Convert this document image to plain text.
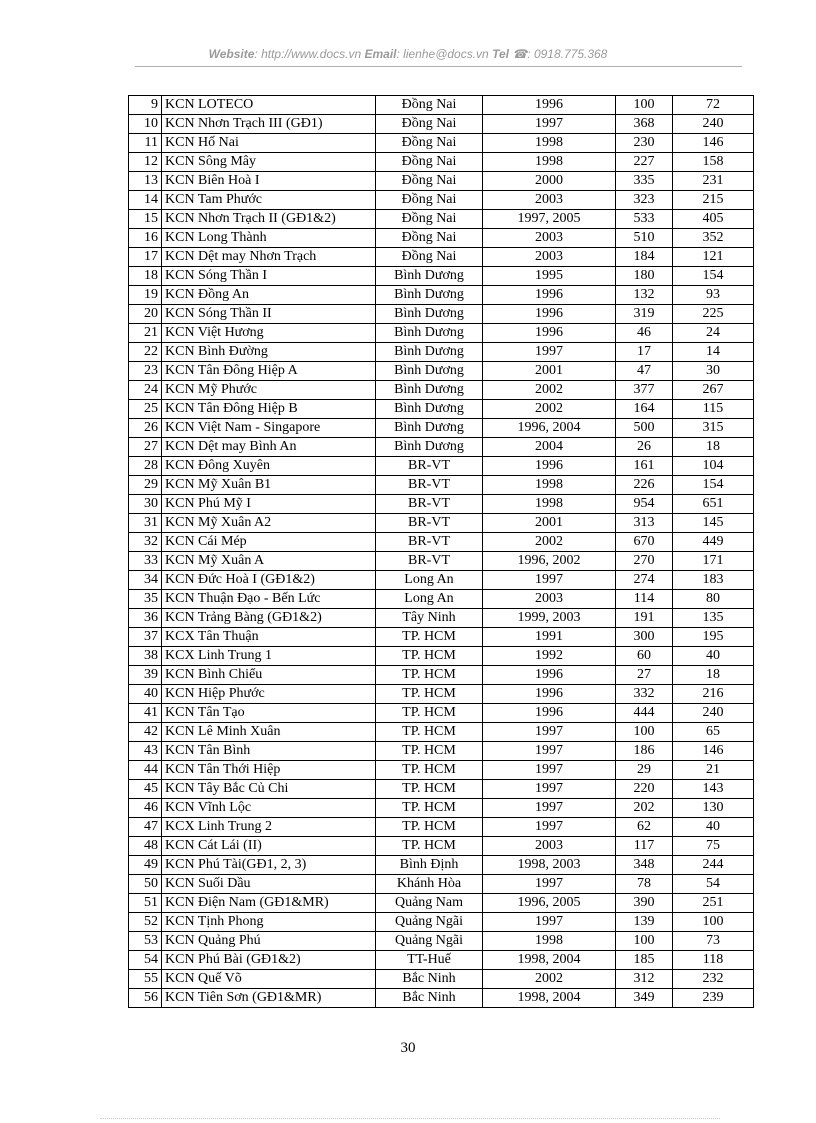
Website: http://www.docs.vn Email: lienhe@docs.vn Tel ☎: 0918.775.368
9	KCN LOTECO	Đồng Nai	1996	100	72
10	KCN Nhơn Trạch III (GĐ1)	Đồng Nai	1997	368	240
11	KCN Hố Nai	Đồng Nai	1998	230	146
12	KCN Sông Mây	Đồng Nai	1998	227	158
13	KCN Biên Hoà I	Đồng Nai	2000	335	231
14	KCN Tam Phước	Đồng Nai	2003	323	215
15	KCN Nhơn Trạch II (GĐ1&2)	Đồng Nai	1997, 2005	533	405
16	KCN Long Thành	Đồng Nai	2003	510	352
17	KCN Dệt may Nhơn Trạch	Đồng Nai	2003	184	121
18	KCN Sóng Thần I	Bình Dương	1995	180	154
19	KCN Đồng An	Bình Dương	1996	132	93
20	KCN Sóng Thần II	Bình Dương	1996	319	225
21	KCN Việt Hương	Bình Dương	1996	46	24
22	KCN Bình Đường	Bình Dương	1997	17	14
23	KCN Tân Đông Hiệp A	Bình Dương	2001	47	30
24	KCN Mỹ Phước	Bình Dương	2002	377	267
25	KCN Tân Đông Hiệp B	Bình Dương	2002	164	115
26	KCN Việt Nam - Singapore	Bình Dương	1996, 2004	500	315
27	KCN Dệt may Bình An	Bình Dương	2004	26	18
28	KCN Đông Xuyên	BR-VT	1996	161	104
29	KCN Mỹ Xuân B1	BR-VT	1998	226	154
30	KCN Phú Mỹ I	BR-VT	1998	954	651
31	KCN Mỹ Xuân A2	BR-VT	2001	313	145
32	KCN Cái Mép	BR-VT	2002	670	449
33	KCN Mỹ Xuân A	BR-VT	1996, 2002	270	171
34	KCN Đức Hoà I (GĐ1&2)	Long An	1997	274	183
35	KCN Thuận Đạo - Bến Lức	Long An	2003	114	80
36	KCN Trảng Bàng (GĐ1&2)	Tây Ninh	1999, 2003	191	135
37	KCX Tân Thuận	TP. HCM	1991	300	195
38	KCX Linh Trung 1	TP. HCM	1992	60	40
39	KCN Bình Chiểu	TP. HCM	1996	27	18
40	KCN Hiệp Phước	TP. HCM	1996	332	216
41	KCN Tân Tạo	TP. HCM	1996	444	240
42	KCN Lê Minh Xuân	TP. HCM	1997	100	65
43	KCN Tân Bình	TP. HCM	1997	186	146
44	KCN Tân Thới Hiệp	TP. HCM	1997	29	21
45	KCN Tây Bắc Củ Chi	TP. HCM	1997	220	143
46	KCN Vĩnh Lộc	TP. HCM	1997	202	130
47	KCX Linh Trung 2	TP. HCM	1997	62	40
48	KCN Cát Lái (II)	TP. HCM	2003	117	75
49	KCN Phú Tài(GĐ1, 2, 3)	Bình Định	1998, 2003	348	244
50	KCN Suối Dầu	Khánh Hòa	1997	78	54
51	KCN Điện Nam (GĐ1&MR)	Quảng Nam	1996, 2005	390	251
52	KCN Tịnh Phong	Quảng Ngãi	1997	139	100
53	KCN Quảng Phú	Quảng Ngãi	1998	100	73
54	KCN Phú Bài (GĐ1&2)	TT-Huế	1998, 2004	185	118
55	KCN Quế Võ	Bắc Ninh	2002	312	232
56	KCN Tiên Sơn (GĐ1&MR)	Bắc Ninh	1998, 2004	349	239
30
